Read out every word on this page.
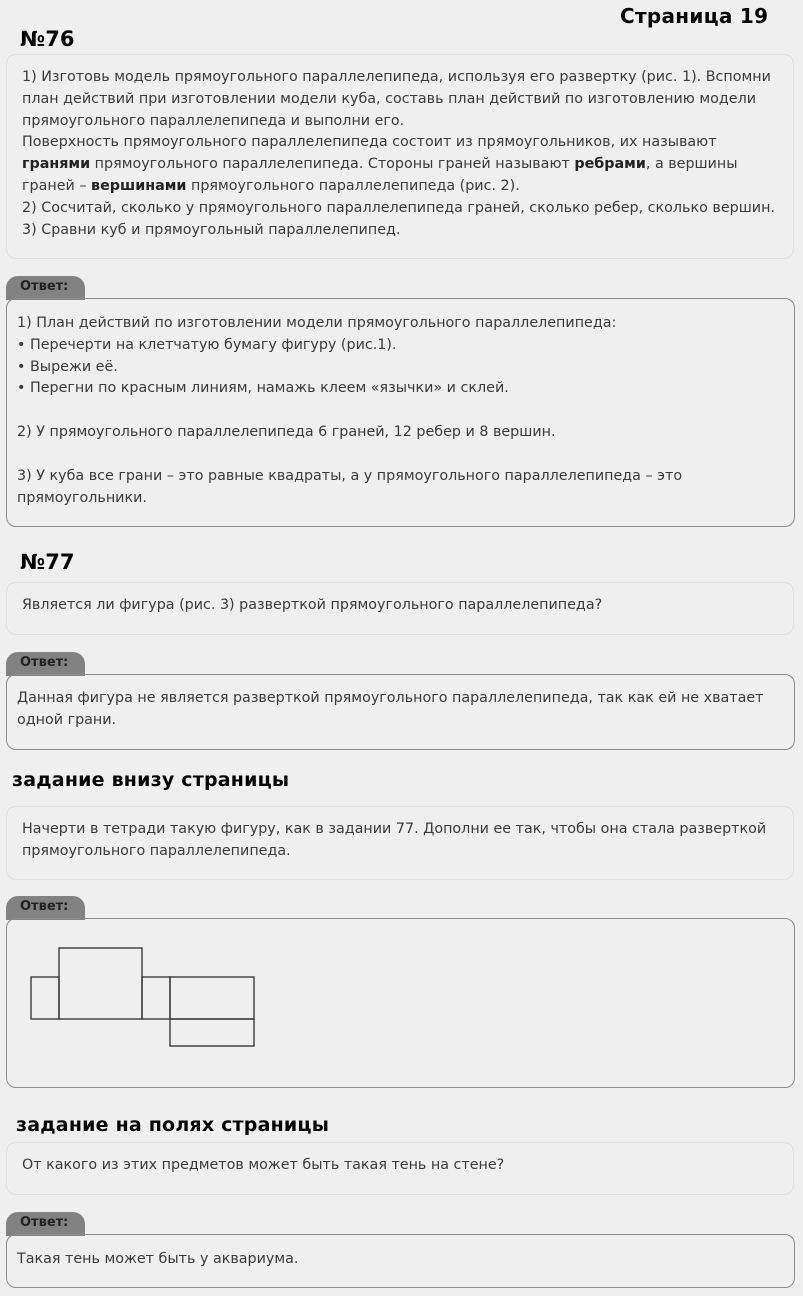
Страница 19
№76

1) Изготовь модель прямоугольного параллелепипеда, используя его развертку (рис. 1). Вспомни

план действий при изготовлении модели куба, составь план действий по изготовлению модели

прямоугольного параллелепипеда и выполни его.

Поверхность прямоугольного параллелепипеда состоит из прямоугольников, их называют

гранями прямоугольного параллелепипеда. Стороны граней называют ребрами, а вершины

граней – вершинами прямоугольного параллелепипеда (рис. 2).

2) Сосчитай, сколько у прямоугольного параллелепипеда граней, сколько ребер, сколько вершин.

3) Сравни куб и прямоугольный параллелепипед.

Ответ:

1) План действий по изготовлении модели прямоугольного параллелепипеда:

• Перечерти на клетчатую бумагу фигуру (рис.1).

• Вырежи её.

• Перегни по красным линиям, намажь клеем «язычки» и склей.

2) У прямоугольного параллелепипеда 6 граней, 12 ребер и 8 вершин.

3) У куба все грани – это равные квадраты, а у прямоугольного параллелепипеда – это

прямоугольники.

№77

Является ли фигура (рис. 3) разверткой прямоугольного параллелепипеда?

Ответ:

Данная фигура не является разверткой прямоугольного параллелепипеда, так как ей не хватает

одной грани.

задание внизу страницы

Начерти в тетради такую фигуру, как в задании 77. Дополни ее так, чтобы она стала разверткой

прямоугольного параллелепипеда.

Ответ:
задание на полях страницы

От какого из этих предметов может быть такая тень на стене?

Ответ:

Такая тень может быть у аквариума.
